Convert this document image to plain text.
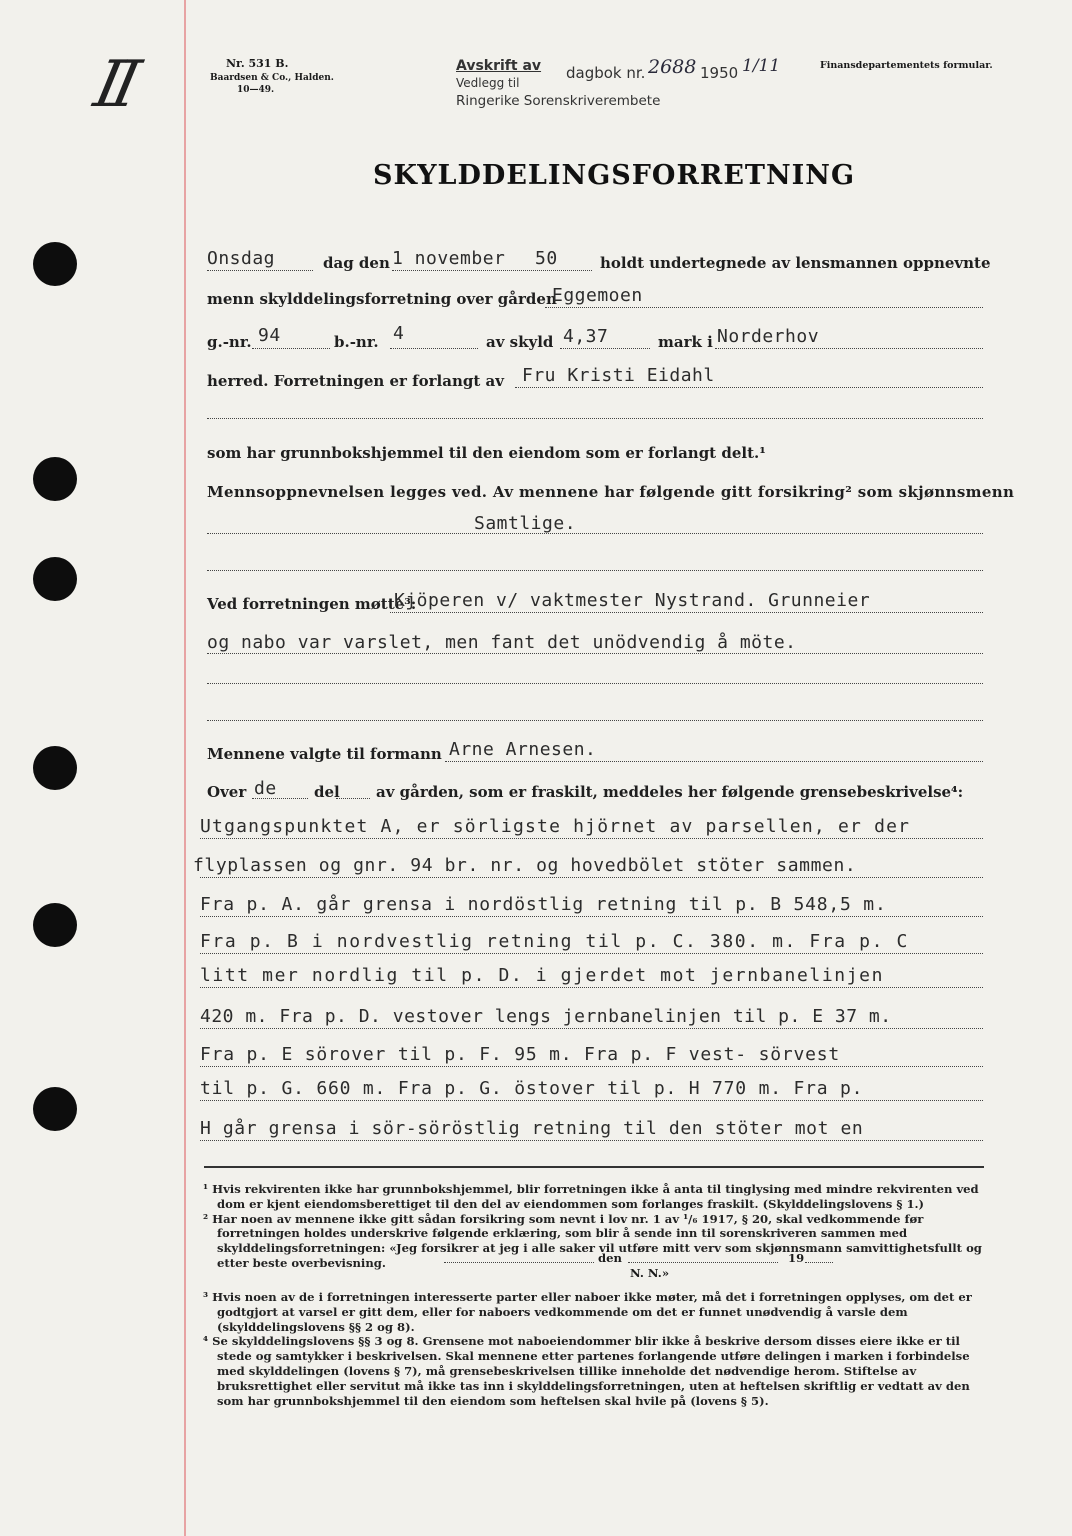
II	Nr. 531 B.
Baardsen & Co., Halden.
10—49.
Avskrift av
Vedlegg til
dagbok nr. 2688 1950 1/11
Ringerike Sorenskriverembete
Finansdepartementets formular.
SKYLDDELINGSFORRETNING
Onsdag	dag den 1 november 50	holdt undertegnede av lensmannen oppnevnte
menn skylddelingsforretning over gården
Eggemoen
g.-nr. 94	b.-nr. 4	av skyld 4,37	mark i Norderhov
herred. Forretningen er forlangt av Fru Kristi Eidahl
som har grunnbokshjemmel til den eiendom som er forlangt delt.¹
Mennsoppnevnelsen legges ved. Av mennene har følgende gitt forsikring² som skjønnsmenn
Samtlige.
Ved forretningen møtte³:
Kjöperen v/ vaktmester Nystrand. Grunneier
og nabo var varslet, men fant det unödvendig å möte.
Mennene valgte til formann Arne Arnesen.
Over de del av gården, som er fraskilt, meddeles her følgende grensebeskrivelse⁴:
Utgangspunktet A, er sörligste hjörnet av parsellen, er der
flyplassen og gnr. 94 br. nr. og hovedbölet stöter sammen.
Fra p. A. går grensa i nordöstlig retning til p. B 548,5 m.
Fra p. B i nordvestlig retning til p. C. 380. m. Fra p. C
litt mer nordlig til p. D. i gjerdet mot jernbanelinjen
420 m. Fra p. D. vestover lengs jernbanelinjen til p. E 37 m.
Fra p. E sörover til p. F. 95 m. Fra p. F vest- sörvest
til p. G. 660 m. Fra p. G. östover til p. H 770 m. Fra p.
H går grensa i sör-söröstlig retning til den stöter mot en

¹ Hvis rekvirenten ikke har grunnbokshjemmel, blir forretningen ikke å anta til tinglysing med mindre rekvirenten ved dom er kjent eiendomsberettiget til den del av eiendommen som forlanges fraskilt. (Skylddelingslovens § 1.)

² Har noen av mennene ikke gitt sådan forsikring som nevnt i lov nr. 1 av ¹/₆ 1917, § 20, skal vedkommende før forretningen holdes underskrive følgende erklæring, som blir å sende inn til sorenskriveren sammen med skylddelingsforretningen: «Jeg forsikrer at jeg i alle saker vil utføre mitt verv som skjønnsmann samvittighetsfullt og etter beste overbevisning.	den	19
N. N.»

³ Hvis noen av de i forretningen interesserte parter eller naboer ikke møter, må det i forretningen opplyses, om det er godtgjort at varsel er gitt dem, eller for naboers vedkommende om det er funnet unødvendig å varsle dem (skylddelingslovens §§ 2 og 8).

⁴ Se skylddelingslovens §§ 3 og 8. Grensene mot naboeiendommer blir ikke å beskrive dersom disses eiere ikke er til stede og samtykker i beskrivelsen. Skal mennene etter partenes forlangende utføre delingen i marken i forbindelse med skylddelingen (lovens § 7), må grensebeskrivelsen tillike inneholde det nødvendige herom. Stiftelse av bruksrettighet eller servitut må ikke tas inn i skylddelingsforretningen, uten at heftelsen skriftlig er vedtatt av den som har grunnbokshjemmel til den eiendom som heftelsen skal hvile på (lovens § 5).
